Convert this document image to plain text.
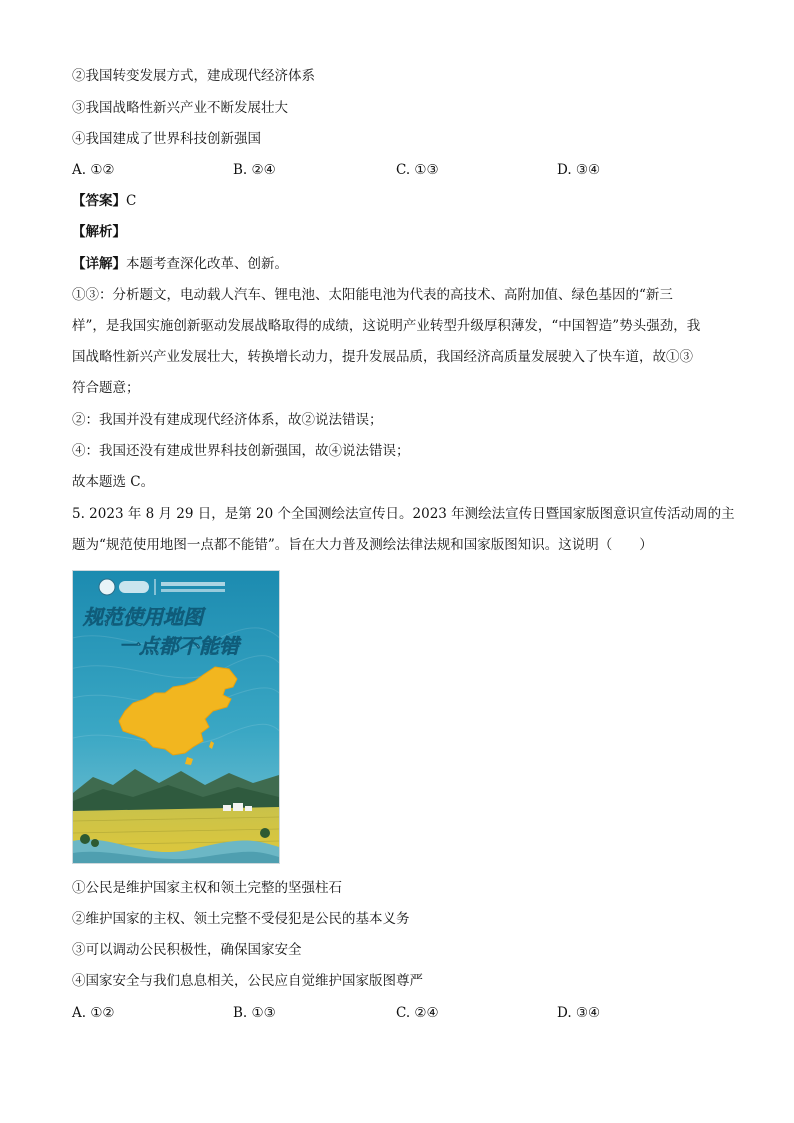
②我国转变发展方式，建成现代经济体系
③我国战略性新兴产业不断发展壮大
④我国建成了世界科技创新强国
A. ①②	B. ②④	C. ①③	D. ③④
【答案】C
【解析】
【详解】本题考查深化改革、创新。
①③：分析题文，电动载人汽车、锂电池、太阳能电池为代表的高技术、高附加值、绿色基因的“新三
样”，是我国实施创新驱动发展战略取得的成绩，这说明产业转型升级厚积薄发，“中国智造”势头强劲，我
国战略性新兴产业发展壮大，转换增长动力，提升发展品质，我国经济高质量发展驶入了快车道，故①③
符合题意；
②：我国并没有建成现代经济体系，故②说法错误；
④：我国还没有建成世界科技创新强国，故④说法错误；
故本题选 C。
5. 2023 年 8 月 29 日，是第 20 个全国测绘法宣传日。2023 年测绘法宣传日暨国家版图意识宣传活动周的主
题为“规范使用地图一点都不能错”。旨在大力普及测绘法律法规和国家版图知识。这说明（　　）
规范使用地图
一点都不能错
①公民是维护国家主权和领土完整的坚强柱石
②维护国家的主权、领土完整不受侵犯是公民的基本义务
③可以调动公民积极性，确保国家安全
④国家安全与我们息息相关，公民应自觉维护国家版图尊严
A. ①②	B. ①③	C. ②④	D. ③④
